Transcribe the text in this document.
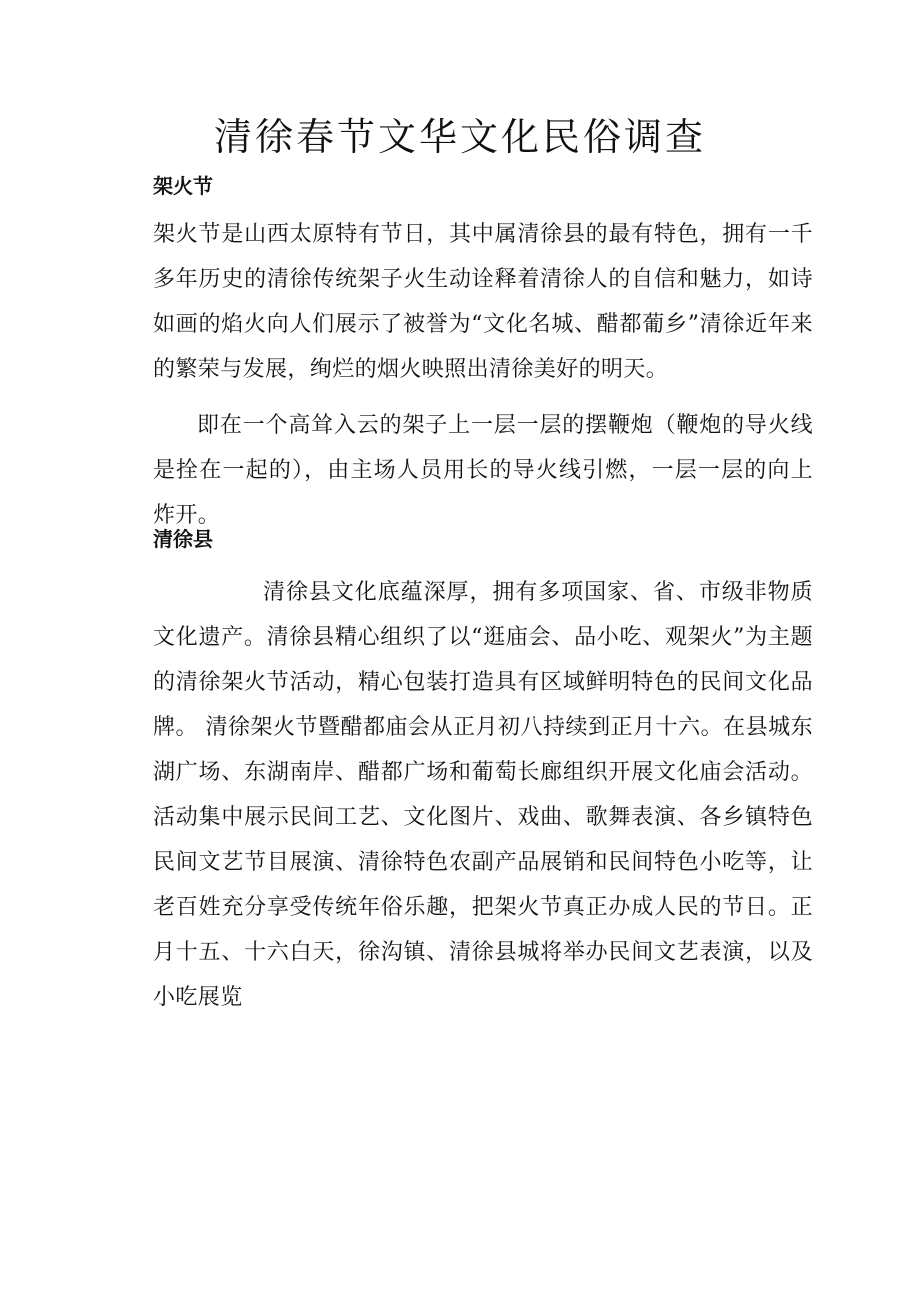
清徐春节文华文化民俗调查
架火节

架火节是山西太原特有节日，其中属清徐县的最有特色，拥有一千多年历史的清徐传统架子火生动诠释着清徐人的自信和魅力，如诗如画的焰火向人们展示了被誉为“文化名城、醋都葡乡”清徐近年来的繁荣与发展，绚烂的烟火映照出清徐美好的明天。

即在一个高耸入云的架子上一层一层的摆鞭炮（鞭炮的导火线是拴在一起的），由主场人员用长的导火线引燃，一层一层的向上炸开。

清徐县

清徐县文化底蕴深厚，拥有多项国家、省、市级非物质文化遗产。清徐县精心组织了以“逛庙会、品小吃、观架火”为主题的清徐架火节活动，精心包装打造具有区域鲜明特色的民间文化品牌。 清徐架火节暨醋都庙会从正月初八持续到正月十六。在县城东湖广场、东湖南岸、醋都广场和葡萄长廊组织开展文化庙会活动。活动集中展示民间工艺、文化图片、戏曲、歌舞表演、各乡镇特色民间文艺节目展演、清徐特色农副产品展销和民间特色小吃等，让老百姓充分享受传统年俗乐趣，把架火节真正办成人民的节日。正月十五、十六白天，徐沟镇、清徐县城将举办民间文艺表演，以及小吃展览
